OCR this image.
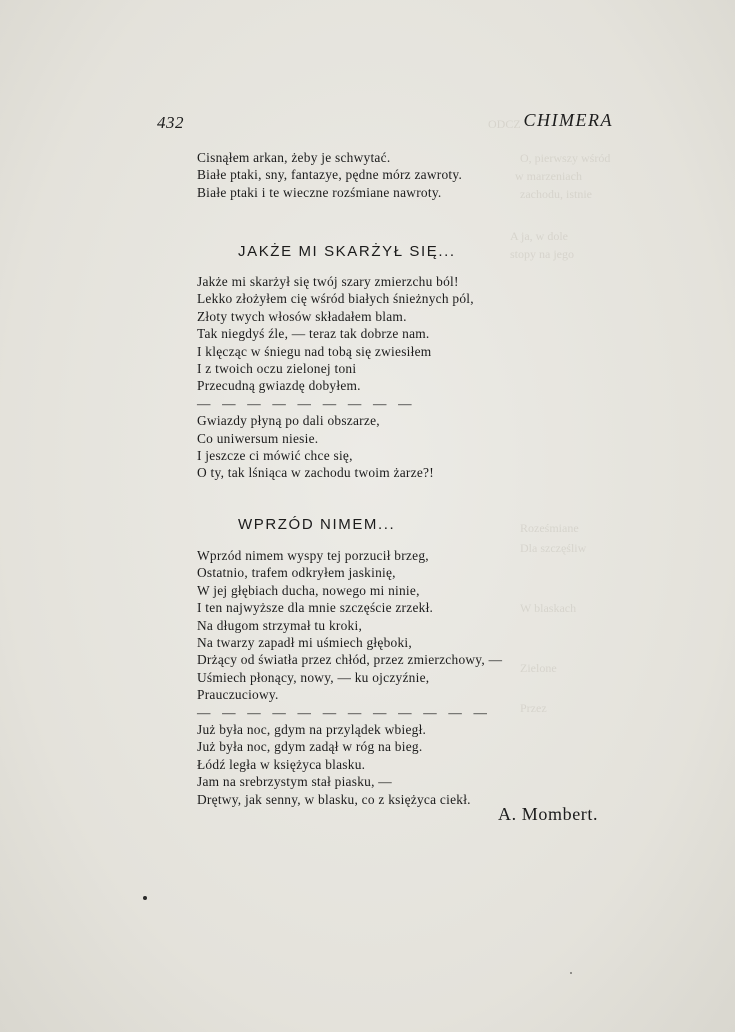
ODCZ
O, pierwszy wśród
w marzeniach
zachodu, istnie
A ja, w dole
stopy na jego
Roześmiane
Dla szczęśliw
W blaskach
Zielone
Przez
432	CHIMERA
Cisnąłem arkan, żeby je schwytać.
Białe ptaki, sny, fantazye, pędne mórz zawroty.
Białe ptaki i te wieczne rozśmiane nawroty.
JAKŻE MI SKARŻYŁ SIĘ...
Jakże mi skarżył się twój szary zmierzchu ból!
Lekko złożyłem cię wśród białych śnieżnych pól,
Złoty twych włosów składałem blam.
Tak niegdyś źle, — teraz tak dobrze nam.
I klęcząc w śniegu nad tobą się zwiesiłem
I z twoich oczu zielonej toni
Przecudną gwiazdę dobyłem.
— — — — — — — — —
Gwiazdy płyną po dali obszarze,
Co uniwersum niesie.
I jeszcze ci mówić chce się,
O ty, tak lśniąca w zachodu twoim żarze?!
WPRZÓD NIMEM...
Wprzód nimem wyspy tej porzucił brzeg,
Ostatnio, trafem odkryłem jaskinię,
W jej głębiach ducha, nowego mi ninie,
I ten najwyższe dla mnie szczęście zrzekł.
Na długom strzymał tu kroki,
Na twarzy zapadł mi uśmiech głęboki,
Drżący od światła przez chłód, przez zmierzchowy, —
Uśmiech płonący, nowy, — ku ojczyźnie,
Prauczuciowy.
— — — — — — — — — — — —
Już była noc, gdym na przylądek wbiegł.
Już była noc, gdym zadął w róg na bieg.
Łódź legła w księżyca blasku.
Jam na srebrzystym stał piasku, —
Drętwy, jak senny, w blasku, co z księżyca ciekł.
A. Mombert.
